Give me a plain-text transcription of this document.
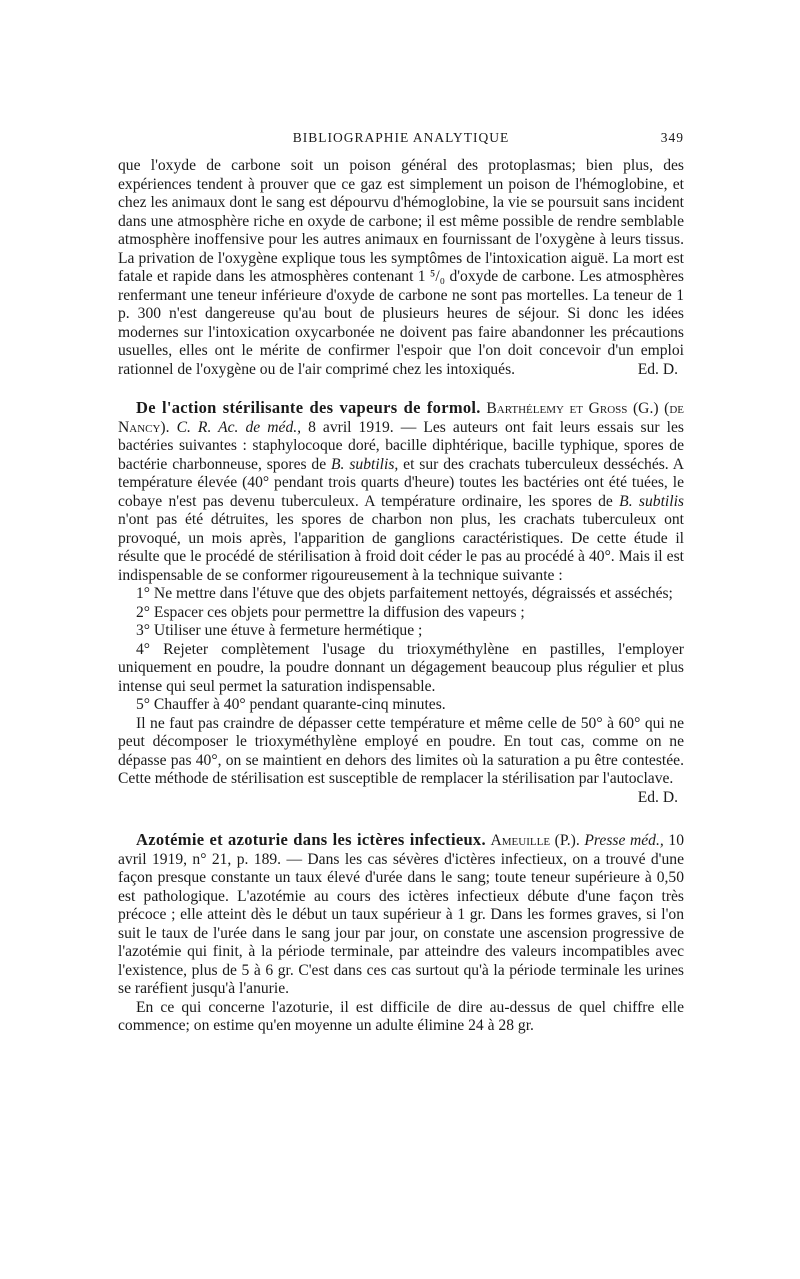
BIBLIOGRAPHIE ANALYTIQUE	349

que l'oxyde de carbone soit un poison général des protoplasmas; bien plus, des expériences tendent à prouver que ce gaz est simplement un poison de l'hémoglobine, et chez les animaux dont le sang est dépourvu d'hémoglobine, la vie se poursuit sans incident dans une atmosphère riche en oxyde de carbone; il est même possible de rendre semblable atmosphère inoffensive pour les autres animaux en fournissant de l'oxygène à leurs tissus. La privation de l'oxygène explique tous les symptômes de l'intoxication aiguë. La mort est fatale et rapide dans les atmosphères contenant 1 ⁵/₀ d'oxyde de carbone. Les atmosphères renfermant une teneur inférieure d'oxyde de carbone ne sont pas mortelles. La teneur de 1 p. 300 n'est dangereuse qu'au bout de plusieurs heures de séjour. Si donc les idées modernes sur l'intoxication oxycarbonée ne doivent pas faire abandonner les précautions usuelles, elles ont le mérite de confirmer l'espoir que l'on doit concevoir d'un emploi rationnel de l'oxygène ou de l'air comprimé chez les intoxiqués.	Ed. D.

De l'action stérilisante des vapeurs de formol. Barthélemy et Gross (G.) (de Nancy). C. R. Ac. de méd., 8 avril 1919. — Les auteurs ont fait leurs essais sur les bactéries suivantes : staphylocoque doré, bacille diphtérique, bacille typhique, spores de bactérie charbonneuse, spores de B. subtilis, et sur des crachats tuberculeux desséchés. A température élevée (40° pendant trois quarts d'heure) toutes les bactéries ont été tuées, le cobaye n'est pas devenu tuberculeux. A température ordinaire, les spores de B. subtilis n'ont pas été détruites, les spores de charbon non plus, les crachats tuberculeux ont provoqué, un mois après, l'apparition de ganglions caractéristiques. De cette étude il résulte que le procédé de stérilisation à froid doit céder le pas au procédé à 40°. Mais il est indispensable de se conformer rigoureusement à la technique suivante :

1° Ne mettre dans l'étuve que des objets parfaitement nettoyés, dégraissés et asséchés;

2° Espacer ces objets pour permettre la diffusion des vapeurs ;

3° Utiliser une étuve à fermeture hermétique ;

4° Rejeter complètement l'usage du trioxyméthylène en pastilles, l'employer uniquement en poudre, la poudre donnant un dégagement beaucoup plus régulier et plus intense qui seul permet la saturation indispensable.

5° Chauffer à 40° pendant quarante-cinq minutes.

Il ne faut pas craindre de dépasser cette température et même celle de 50° à 60° qui ne peut décomposer le trioxyméthylène employé en poudre. En tout cas, comme on ne dépasse pas 40°, on se maintient en dehors des limites où la saturation a pu être contestée. Cette méthode de stérilisation est susceptible de remplacer la stérilisation par l'autoclave.
Ed. D.

Azotémie et azoturie dans les ictères infectieux. Ameuille (P.). Presse méd., 10 avril 1919, n° 21, p. 189. — Dans les cas sévères d'ictères infectieux, on a trouvé d'une façon presque constante un taux élevé d'urée dans le sang; toute teneur supérieure à 0,50 est pathologique. L'azotémie au cours des ictères infectieux débute d'une façon très précoce ; elle atteint dès le début un taux supérieur à 1 gr. Dans les formes graves, si l'on suit le taux de l'urée dans le sang jour par jour, on constate une ascension progressive de l'azotémie qui finit, à la période terminale, par atteindre des valeurs incompatibles avec l'existence, plus de 5 à 6 gr. C'est dans ces cas surtout qu'à la période terminale les urines se raréfient jusqu'à l'anurie.

En ce qui concerne l'azoturie, il est difficile de dire au-dessus de quel chiffre elle commence; on estime qu'en moyenne un adulte élimine 24 à 28 gr.
